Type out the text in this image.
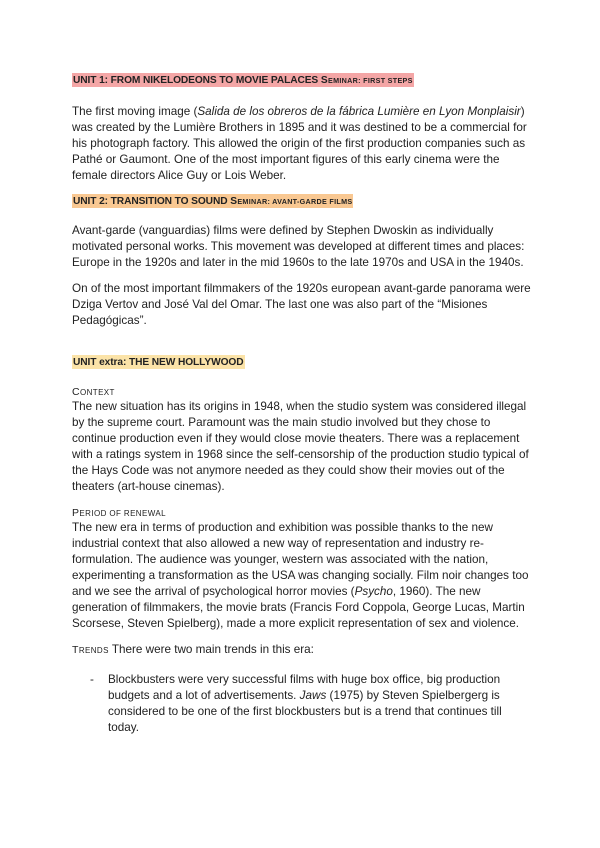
UNIT 1: FROM NIKELODEONS TO MOVIE PALACES SEMINAR: FIRST STEPS

The first moving image (Salida de los obreros de la fábrica Lumière en Lyon Monplaisir) was created by the Lumière Brothers in 1895 and it was destined to be a commercial for his photograph factory. This allowed the origin of the first production companies such as Pathé or Gaumont. One of the most important figures of this early cinema were the female directors Alice Guy or Lois Weber.

UNIT 2: TRANSITION TO SOUND SEMINAR: AVANT-GARDE FILMS

Avant-garde (vanguardias) films were defined by Stephen Dwoskin as individually motivated personal works. This movement was developed at different times and places: Europe in the 1920s and later in the mid 1960s to the late 1970s and USA in the 1940s.

On of the most important filmmakers of the 1920s european avant-garde panorama were Dziga Vertov and José Val del Omar. The last one was also part of the “Misiones Pedagógicas”.

UNIT extra: THE NEW HOLLYWOOD
CONTEXT

The new situation has its origins in 1948, when the studio system was considered illegal by the supreme court. Paramount was the main studio involved but they chose to continue production even if they would close movie theaters. There was a replacement with a ratings system in 1968 since the self-censorship of the production studio typical of the Hays Code was not anymore needed as they could show their movies out of the theaters (art-house cinemas).

PERIOD OF RENEWAL

The new era in terms of production and exhibition was possible thanks to the new industrial context that also allowed a new way of representation and industry re-formulation. The audience was younger, western was associated with the nation, experimenting a transformation as the USA was changing socially. Film noir changes too and we see the arrival of psychological horror movies (Psycho, 1960). The new generation of filmmakers, the movie brats (Francis Ford Coppola, George Lucas, Martin Scorsese, Steven Spielberg), made a more explicit representation of sex and violence.

TRENDS There were two main trends in this era:

- Blockbusters were very successful films with huge box office, big production budgets and a lot of advertisements. Jaws (1975) by Steven Spielbergerg is considered to be one of the first blockbusters but is a trend that continues till today.
